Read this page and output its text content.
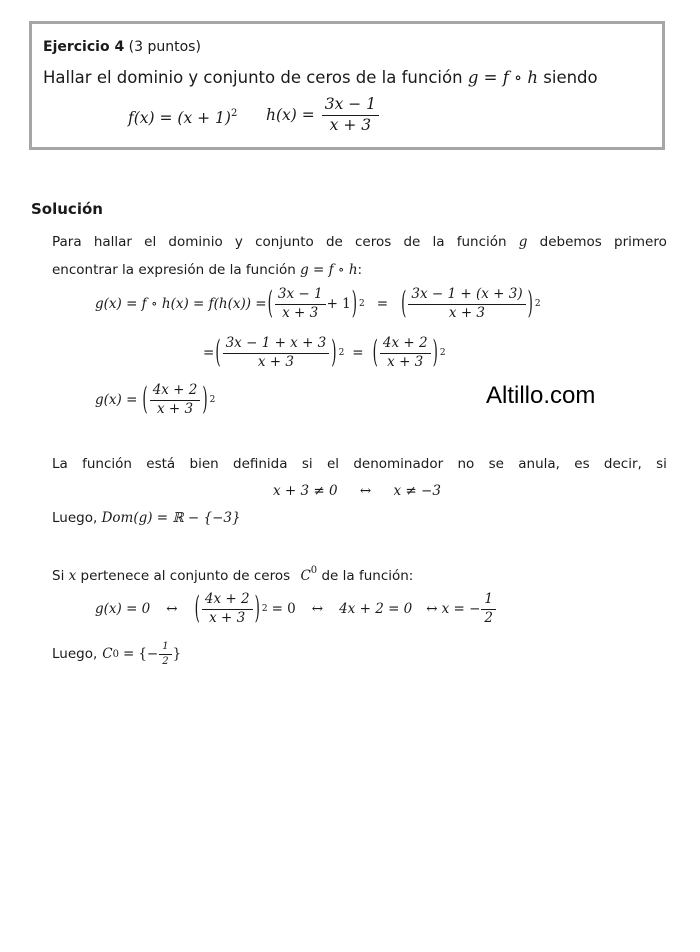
Ejercicio 4 (3 puntos)
Hallar el dominio y conjunto de ceros de la función g = f ∘ h siendo
$f(x) = (x + 1)^2$ $h(x) = \frac{3x - 1}{x + 3}$
Solución
Para hallar el dominio y conjunto de ceros de la función g debemos primero
encontrar la expresión de la función g = f ∘ h:
g(x) = f ∘ h(x) = f(h(x)) = ( $\frac{3x - 1}{x + 3} + 1$ ) 2 = ( $\frac{3x - 1 + (x + 3)}{x + 3}$ ) 2
= ( $\frac{3x - 1 + x + 3}{x + 3}$ ) 2 = ( $\frac{4x + 2}{x + 3}$ ) 2
g(x) = ( $\frac{4x + 2}{x + 3}$ ) 2	Altillo.com
La función está bien definida si el denominador no se anula, es decir, si
x + 3 ≠ 0 ↔ x ≠ −3
Luego, Dom(g) = ℝ − {−3}
Si x pertenece al conjunto de ceros $C^0$ de la función:
g(x) = 0 ↔ ( $\frac{4x + 2}{x + 3}$ ) 2 = 0 ↔ 4x + 2 = 0 ↔ x = − $\frac{1}{2}$
Luego, C 0 = {− $\frac{1}{2}$ }
